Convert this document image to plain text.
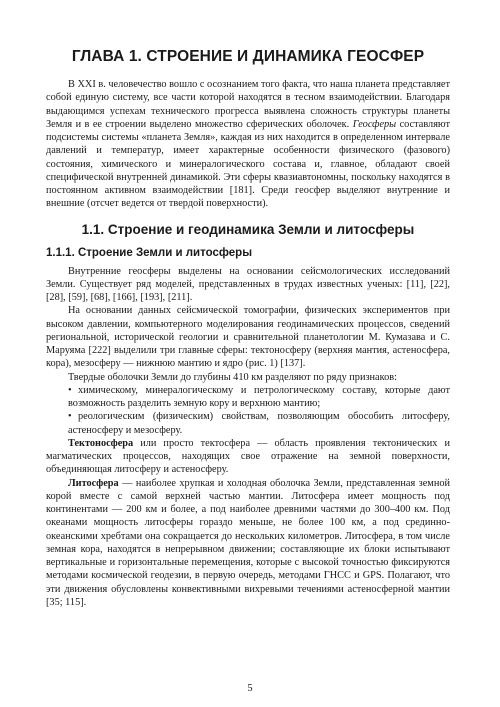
ГЛАВА 1. СТРОЕНИЕ И ДИНАМИКА ГЕОСФЕР

В XXI в. человечество вошло с осознанием того факта, что наша планета представляет собой единую систему, все части которой находятся в тесном взаимодействии. Благодаря выдающимся успехам технического прогресса выявлена сложность структуры планеты Земля и в ее строении выделено множество сферических оболочек. Геосферы составляют подсистемы системы «планета Земля», каждая из них находится в определенном интервале давлений и температур, имеет характерные особенности физического (фазового) состояния, химического и минералогического состава и, главное, обладают своей специфической внутренней динамикой. Эти сферы квазиавтономны, поскольку находятся в постоянном активном взаимодействии [181]. Среди геосфер выделяют внутренние и внешние (отсчет ведется от твердой поверхности).

1.1. Строение и геодинамика Земли и литосферы
1.1.1. Строение Земли и литосферы

Внутренние геосферы выделены на основании сейсмологических исследований Земли. Существует ряд моделей, представленных в трудах известных ученых: [11], [22], [28], [59], [68], [166], [193], [211].

На основании данных сейсмической томографии, физических экспериментов при высоком давлении, компьютерного моделирования геодинамических процессов, сведений региональной, исторической геологии и сравнительной планетологии М. Кумазава и С. Маруяма [222] выделили три главные сферы: тектоносферу (верхняя мантия, астеносфера, кора), мезосферу — нижнюю мантию и ядро (рис. 1) [137].

Твердые оболочки Земли до глубины 410 км разделяют по ряду признаков:

• химическому, минералогическому и петрологическому составу, которые дают возможность разделить земную кору и верхнюю мантию;

• реологическим (физическим) свойствам, позволяющим обособить литосферу, астеносферу и мезосферу.

Тектоносфера или просто тектосфера — область проявления тектонических и магматических процессов, находящих свое отражение на земной поверхности, объединяющая литосферу и астеносферу.

Литосфера — наиболее хрупкая и холодная оболочка Земли, представленная земной корой вместе с самой верхней частью мантии. Литосфера имеет мощность под континентами — 200 км и более, а под наиболее древними частями до 300–400 км. Под океанами мощность литосферы гораздо меньше, не более 100 км, а под срединно-океанскими хребтами она сокращается до нескольких километров. Литосфера, в том числе земная кора, находятся в непрерывном движении; составляющие их блоки испытывают вертикальные и горизонтальные перемещения, которые с высокой точностью фиксируются методами космической геодезии, в первую очередь, методами ГНСС и GPS. Полагают, что эти движения обусловлены конвективными вихревыми течениями астеносферной мантии [35; 115].

5
